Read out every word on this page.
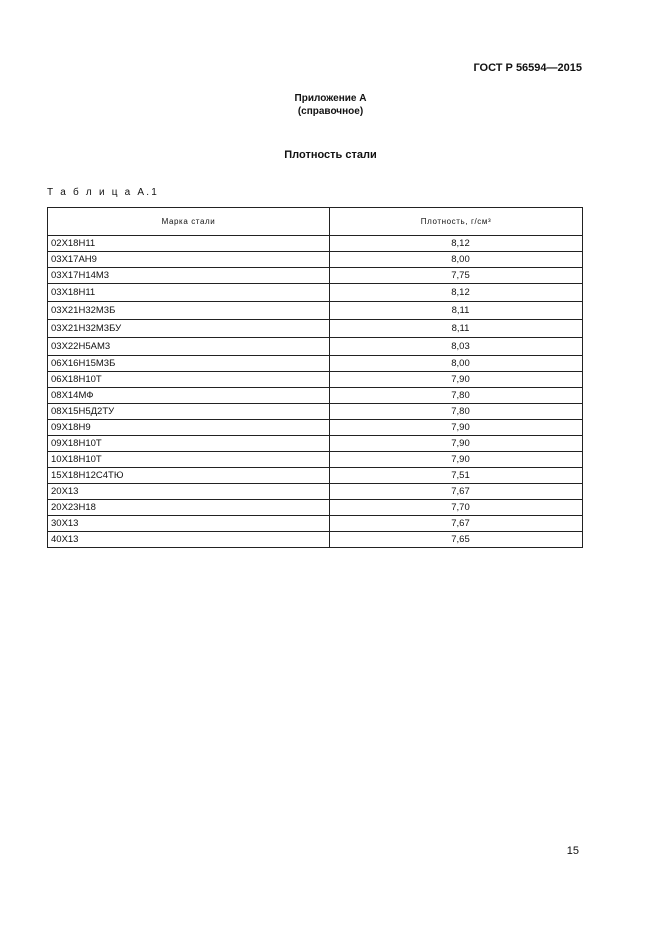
ГОСТ Р 56594—2015
Приложение А
(справочное)
Плотность стали
Т а б л и ц а А.1
Марка стали	Плотность, г/см³
02Х18Н11	8,12
03Х17АН9	8,00
03Х17Н14М3	7,75
03Х18Н11	8,12
03Х21Н32М3Б	8,11
03Х21Н32М3БУ	8,11
03Х22Н5АМ3	8,03
06Х16Н15М3Б	8,00
06Х18Н10Т	7,90
08Х14МФ	7,80
08Х15Н5Д2ТУ	7,80
09Х18Н9	7,90
09Х18Н10Т	7,90
10Х18Н10Т	7,90
15Х18Н12С4ТЮ	7,51
20Х13	7,67
20Х23Н18	7,70
30Х13	7,67
40Х13	7,65
15
